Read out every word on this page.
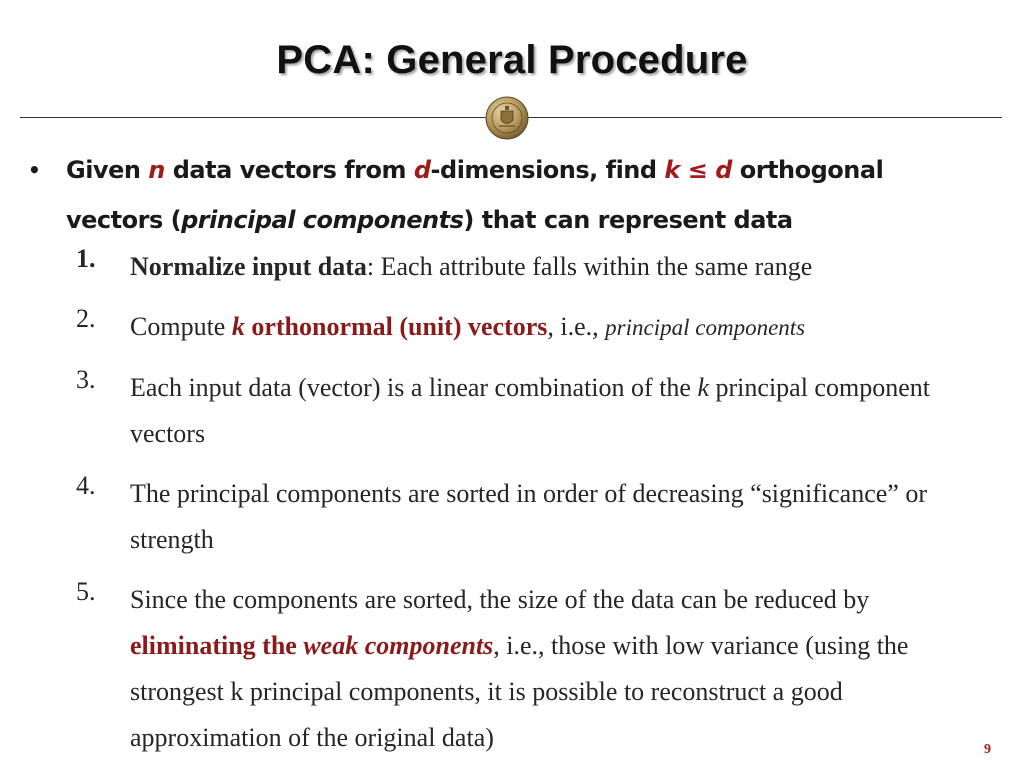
PCA: General Procedure
• Given n data vectors from d-dimensions, find k ≤ d orthogonal vectors (principal components) that can represent data
1.	Normalize input data: Each attribute falls within the same range
2.	Compute k orthonormal (unit) vectors, i.e., principal components
3.	Each input data (vector) is a linear combination of the k principal component vectors
4.	The principal components are sorted in order of decreasing “significance” or strength
5.	Since the components are sorted, the size of the data can be reduced by eliminating the weak components, i.e., those with low variance (using the strongest k principal components, it is possible to reconstruct a good approximation of the original data)	9
